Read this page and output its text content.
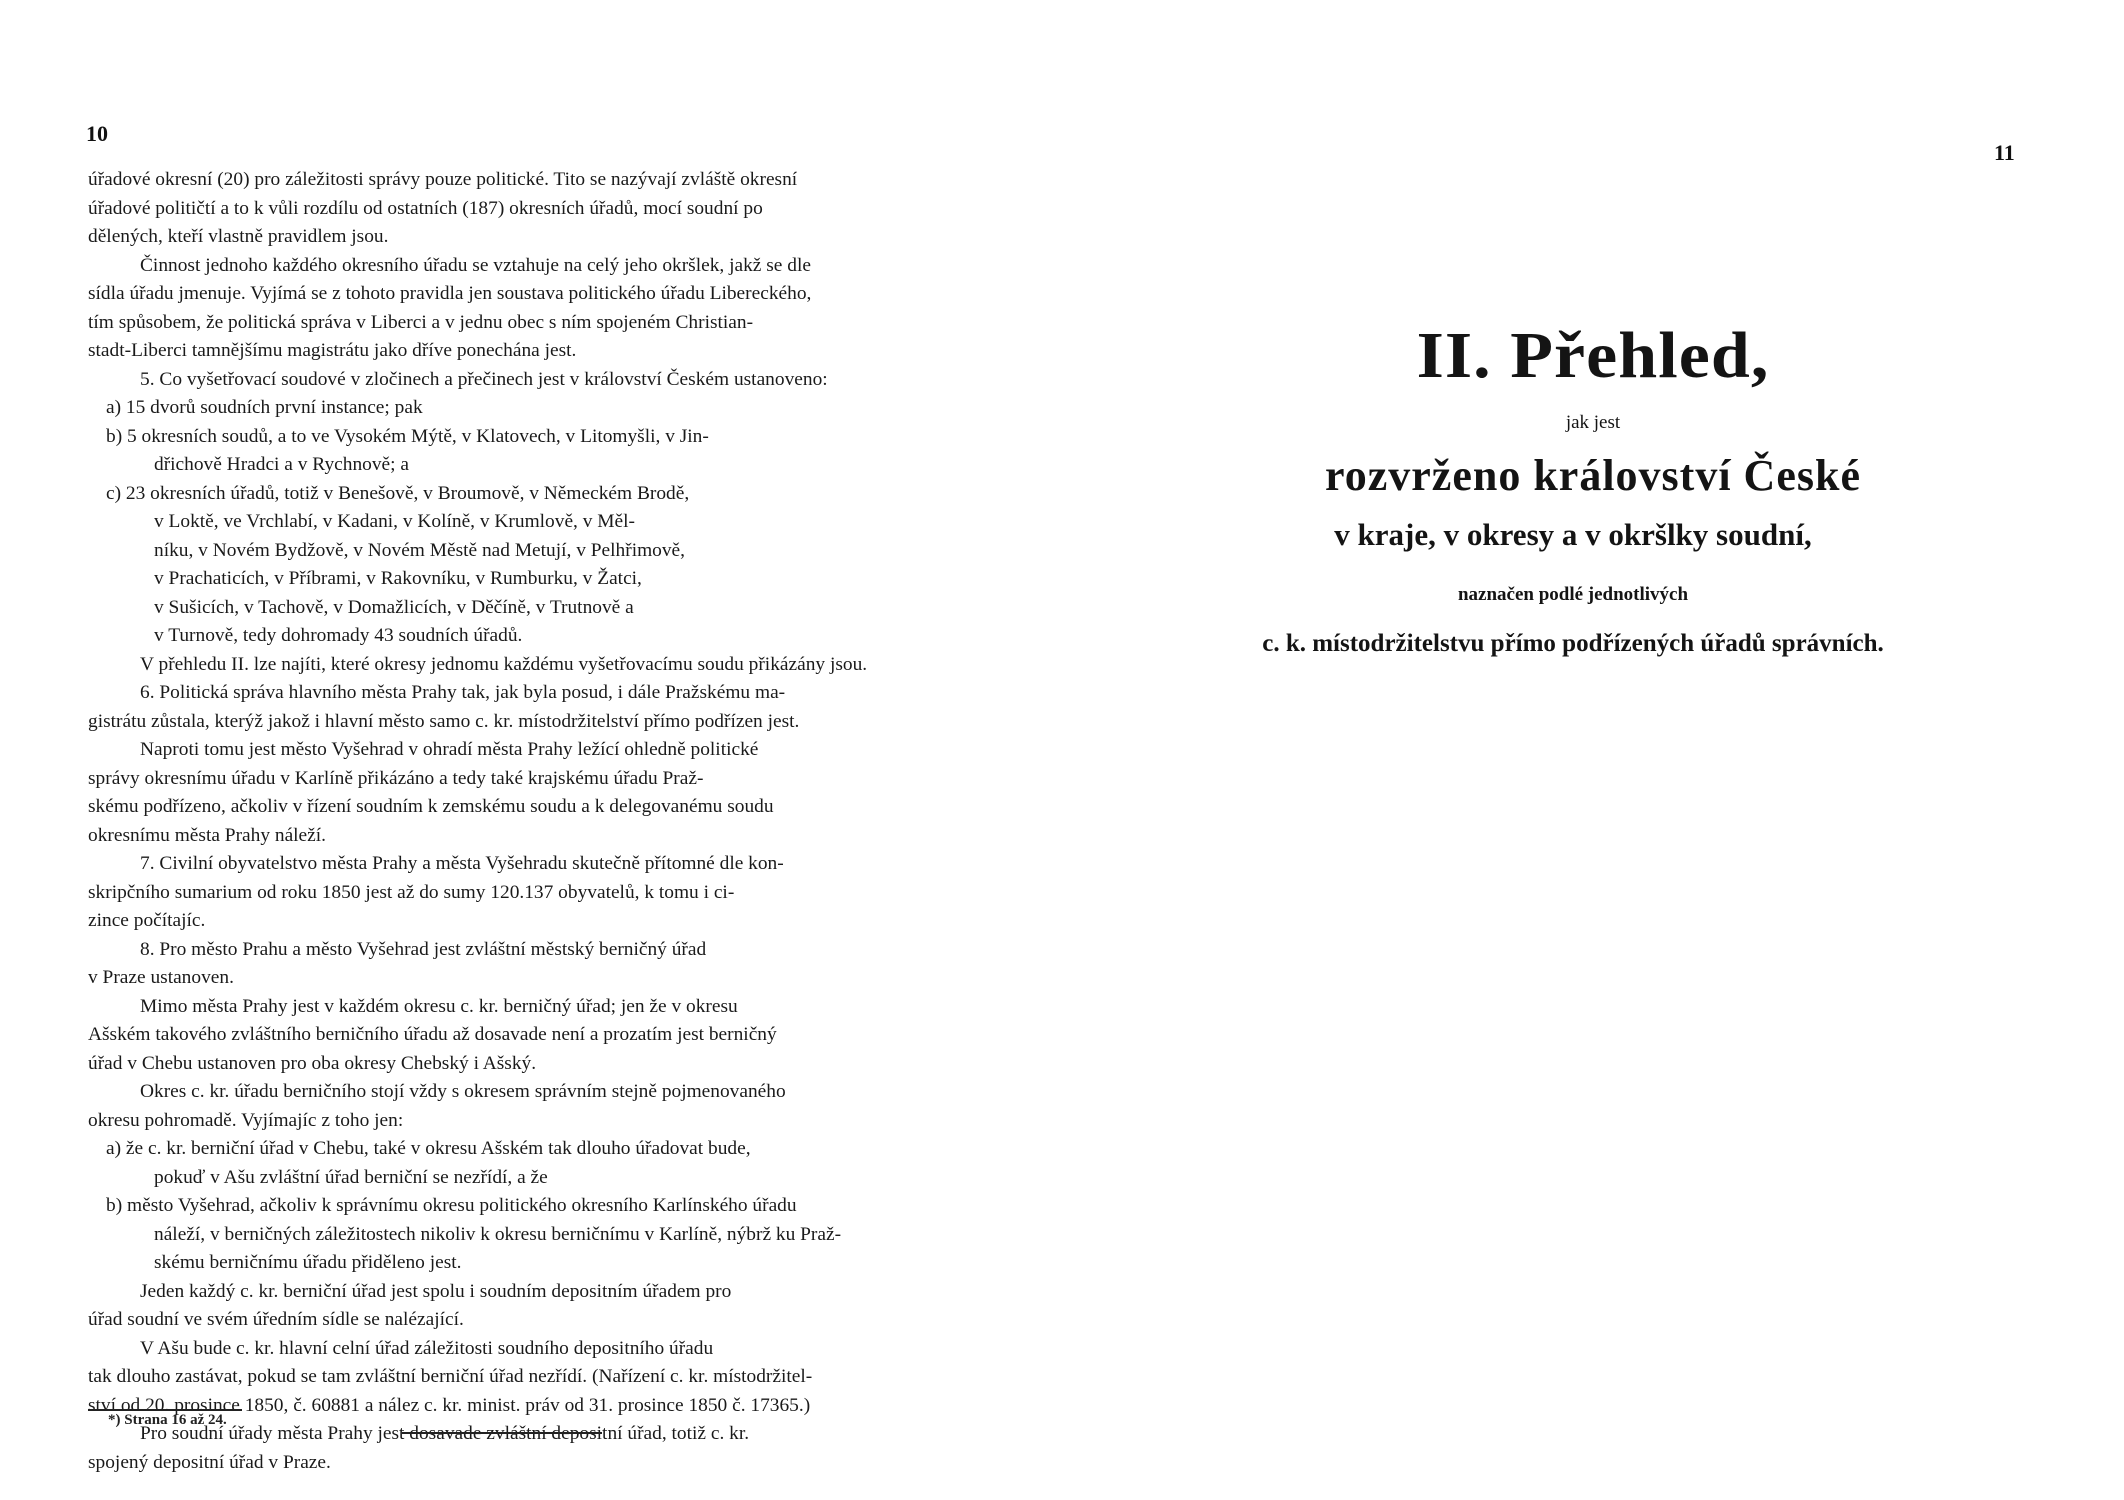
10
úřadové okresní (20) pro záležitosti správy pouze politické. Tito se nazývají zvláště okresní
úřadové političtí a to k vůli rozdílu od ostatních (187) okresních úřadů, mocí soudní po
dělených, kteří vlastně pravidlem jsou.
Činnost jednoho každého okresního úřadu se vztahuje na celý jeho okršlek, jakž se dle
sídla úřadu jmenuje. Vyjímá se z tohoto pravidla jen soustava politického úřadu Libereckého,
tím spůsobem, že politická správa v Liberci a v jednu obec s ním spojeném Christian-
stadt-Liberci tamnějšímu magistrátu jako dříve ponechána jest.
5. Co vyšetřovací soudové v zločinech a přečinech jest v království Českém ustanoveno:
a) 15 dvorů soudních první instance; pak
b) 5 okresních soudů, a to ve Vysokém Mýtě, v Klatovech, v Litomyšli, v Jin-
dřichově Hradci a v Rychnově; a
c) 23 okresních úřadů, totiž v Benešově, v Broumově, v Německém Brodě,
v Loktě, ve Vrchlabí, v Kadani, v Kolíně, v Krumlově, v Měl-
níku, v Novém Bydžově, v Novém Městě nad Metují, v Pelhřimově,
v Prachaticích, v Příbrami, v Rakovníku, v Rumburku, v Žatci,
v Sušicích, v Tachově, v Domažlicích, v Děčíně, v Trutnově a
v Turnově, tedy dohromady 43 soudních úřadů.
V přehledu II. lze najíti, které okresy jednomu každému vyšetřovacímu soudu přikázány jsou.
6. Politická správa hlavního města Prahy tak, jak byla posud, i dále Pražskému ma-
gistrátu zůstala, kterýž jakož i hlavní město samo c. kr. místodržitelství přímo podřízen jest.
Naproti tomu jest město Vyšehrad v ohradí města Prahy ležící ohledně politické
správy okresnímu úřadu v Karlíně přikázáno a tedy také krajskému úřadu Praž-
skému podřízeno, ačkoliv v řízení soudním k zemskému soudu a k delegovanému soudu
okresnímu města Prahy náleží.
7. Civilní obyvatelstvo města Prahy a města Vyšehradu skutečně přítomné dle kon-
skripčního sumarium od roku 1850 jest až do sumy 120.137 obyvatelů, k tomu i ci-
zince počítajíc.
8. Pro město Prahu a město Vyšehrad jest zvláštní městský berničný úřad
v Praze ustanoven.
Mimo města Prahy jest v každém okresu c. kr. berničný úřad; jen že v okresu
Ašském takového zvláštního berničního úřadu až dosavade není a prozatím jest berničný
úřad v Chebu ustanoven pro oba okresy Chebský i Ašský.
Okres c. kr. úřadu berničního stojí vždy s okresem správním stejně pojmenovaného
okresu pohromadě. Vyjímajíc z toho jen:
a) že c. kr. berniční úřad v Chebu, také v okresu Ašském tak dlouho úřadovat bude,
pokuď v Ašu zvláštní úřad berniční se nezřídí, a že
b) město Vyšehrad, ačkoliv k správnímu okresu politického okresního Karlínského úřadu
náleží, v berničných záležitostech nikoliv k okresu berničnímu v Karlíně, nýbrž ku Praž-
skému berničnímu úřadu přiděleno jest.
Jeden každý c. kr. berniční úřad jest spolu i soudním depositním úřadem pro
úřad soudní ve svém úředním sídle se nalézající.
V Ašu bude c. kr. hlavní celní úřad záležitosti soudního depositního úřadu
tak dlouho zastávat, pokud se tam zvláštní berniční úřad nezřídí. (Nařízení c. kr. místodržitel-
ství od 20. prosince 1850, č. 60881 a nález c. kr. minist. práv od 31. prosince 1850 č. 17365.)
Pro soudní úřady města Prahy jest dosavade zvláštní depositní úřad, totiž c. kr.
spojený depositní úřad v Praze.
*) Strana 16 až 24.
11
II. Přehled,
jak jest
rozvrženo království České
v kraje, v okresy a v okršlky soudní,
naznačen podlé jednotlivých
c. k. místodržitelstvu přímo podřízených úřadů správních.
